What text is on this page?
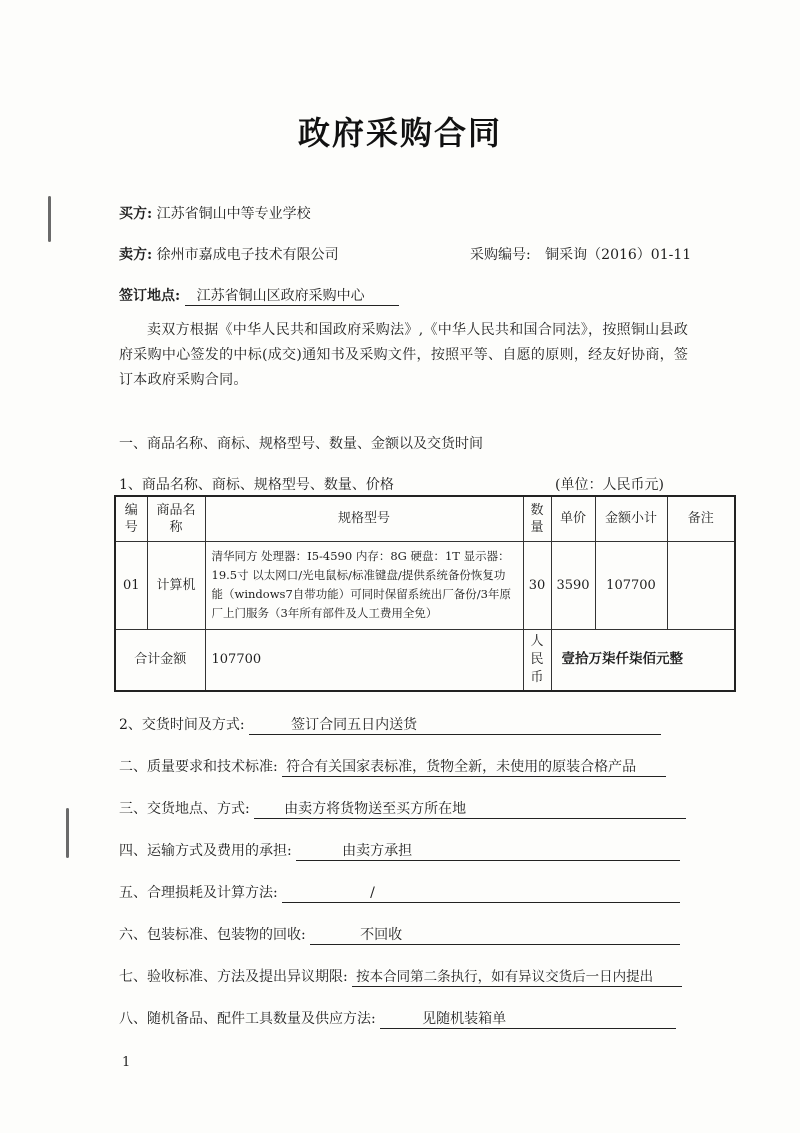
政府采购合同
买方: 江苏省铜山中等专业学校
卖方: 徐州市嘉成电子技术有限公司	采购编号: 铜采询（2016）01-11
签订地点: 江苏省铜山区政府采购中心
卖双方根据《中华人民共和国政府采购法》,《中华人民共和国合同法》，按照铜山县政府采购中心签发的中标(成交)通知书及采购文件，按照平等、自愿的原则，经友好协商，签订本政府采购合同。
一、商品名称、商标、规格型号、数量、金额以及交货时间
1、商品名称、商标、规格型号、数量、价格	(单位：人民币元)
编号	商品名称	规格型号	数量	单价	金额小计	备注
01	计算机	清华同方 处理器：I5-4590 内存：8G 硬盘：1T 显示器：19.5寸 以太网口/光电鼠标/标准键盘/提供系统备份恢复功能（windows7自带功能）可同时保留系统出厂备份/3年原厂上门服务（3年所有部件及人工费用全免）	30	3590	107700	
合计金额		107700	人民币	壹拾万柒仟柒佰元整		
2、交货时间及方式:	签订合同五日内送货
二、质量要求和技术标准: 符合有关国家表标准，货物全新，未使用的原装合格产品
三、交货地点、方式: 由卖方将货物送至买方所在地
四、运输方式及费用的承担:	由卖方承担
五、合理损耗及计算方法:	/
六、包装标准、包装物的回收:	不回收
七、验收标准、方法及提出异议期限: 按本合同第二条执行，如有异议交货后一日内提出
八、随机备品、配件工具数量及供应方法:	见随机装箱单
1
